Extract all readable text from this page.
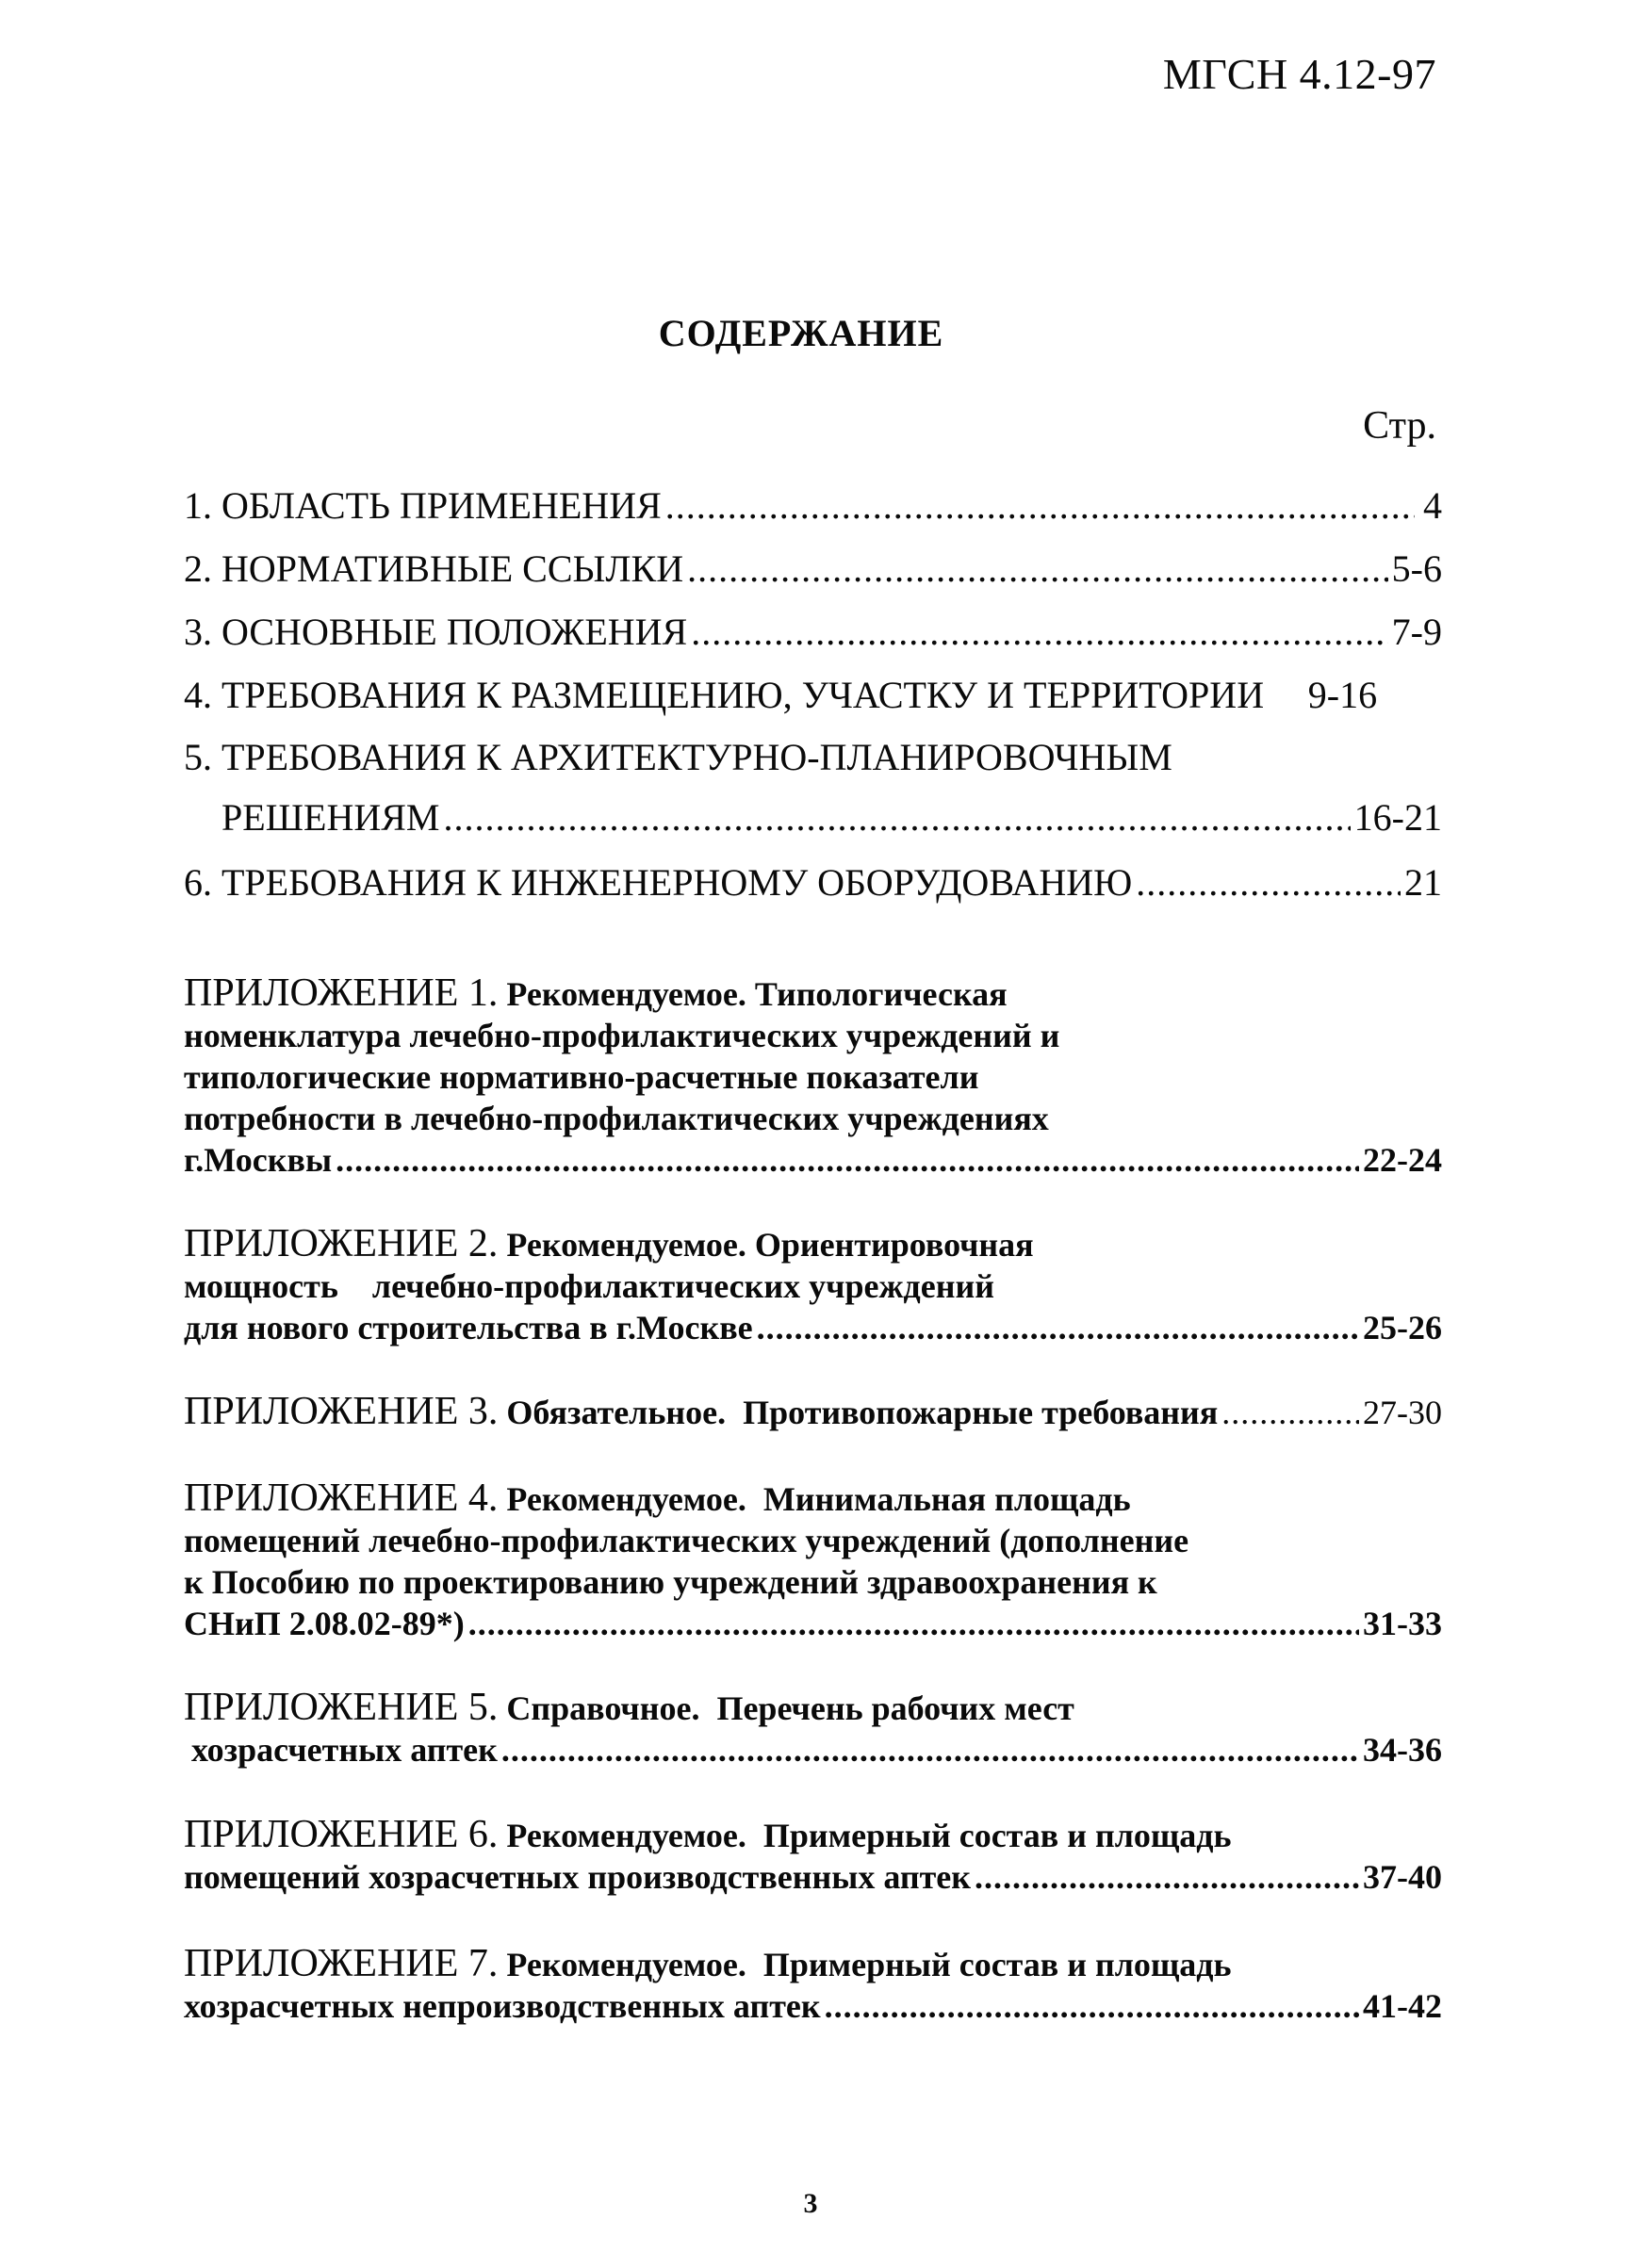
МГСН 4.12-97
СОДЕРЖАНИЕ
Стр.
1. ОБЛАСТЬ ПРИМЕНЕНИЯ .....	4
2. НОРМАТИВНЫЕ ССЫЛКИ .....	5-6
3. ОСНОВНЫЕ ПОЛОЖЕНИЯ .....	7-9
4. ТРЕБОВАНИЯ К РАЗМЕЩЕНИЮ, УЧАСТКУ И ТЕРРИТОРИИ	9-16
5. ТРЕБОВАНИЯ К АРХИТЕКТУРНО-ПЛАНИРОВОЧНЫМ
РЕШЕНИЯМ .....	16-21
6. ТРЕБОВАНИЯ К ИНЖЕНЕРНОМУ ОБОРУДОВАНИЮ .....	21
ПРИЛОЖЕНИЕ 1. Рекомендуемое. Типологическая
номенклатура лечебно-профилактических учреждений и
типологические нормативно-расчетные показатели
потребности в лечебно-профилактических учреждениях
г.Москвы .....	22-24
ПРИЛОЖЕНИЕ 2. Рекомендуемое. Ориентировочная
мощность    лечебно-профилактических учреждений
для нового строительства в г.Москве .....	25-26
ПРИЛОЖЕНИЕ 3. Обязательное.  Противопожарные требования .....	27-30
ПРИЛОЖЕНИЕ 4. Рекомендуемое.  Минимальная площадь
помещений лечебно-профилактических учреждений (дополнение
к Пособию по проектированию учреждений здравоохранения к
СНиП 2.08.02-89*) .....	31-33
ПРИЛОЖЕНИЕ 5. Справочное.  Перечень рабочих мест
хозрасчетных аптек .....	34-36
ПРИЛОЖЕНИЕ 6. Рекомендуемое.  Примерный состав и площадь
помещений хозрасчетных производственных аптек .....	37-40
ПРИЛОЖЕНИЕ 7. Рекомендуемое.  Примерный состав и площадь
хозрасчетных непроизводственных аптек .....	41-42
3
